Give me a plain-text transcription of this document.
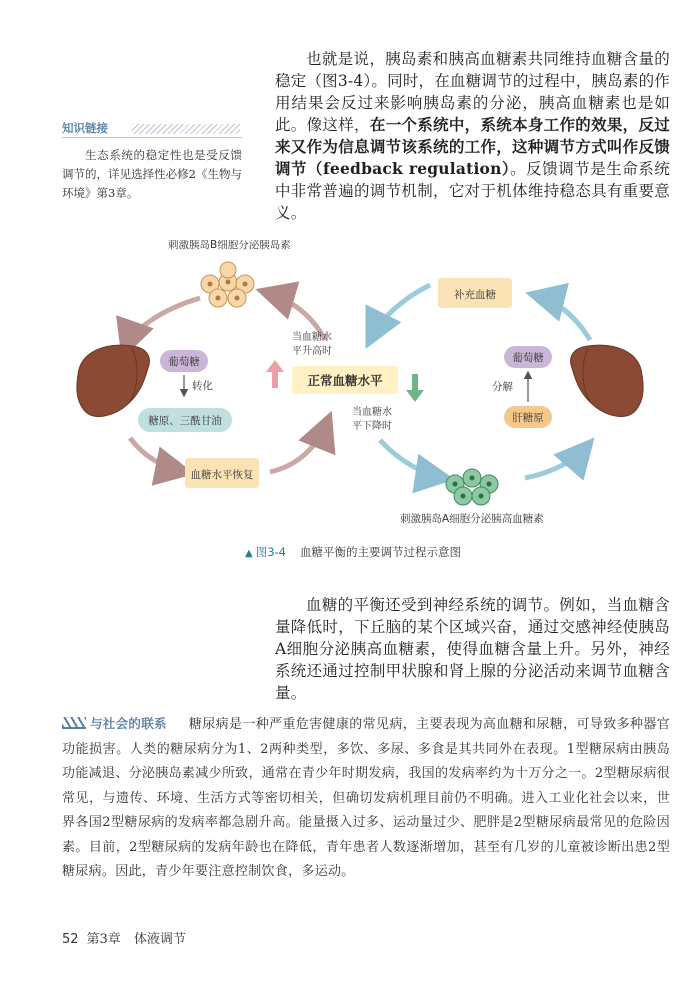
也就是说，胰岛素和胰高血糖素共同维持血糖含量的稳定（图3-4）。同时，在血糖调节的过程中，胰岛素的作用结果会反过来影响胰岛素的分泌，胰高血糖素也是如此。像这样，在一个系统中，系统本身工作的效果，反过来又作为信息调节该系统的工作，这种调节方式叫作反馈调节（feedback regulation）。反馈调节是生命系统中非常普遍的调节机制，它对于机体维持稳态具有重要意义。

知识链接
生态系统的稳定性也是受反馈调节的，详见选择性必修2《生物与环境》第3章。
刺激胰岛B细胞分泌胰岛素
葡萄糖
转化
糖原、三酰甘油
血糖水平恢复
当血糖水
平升高时
正常血糖水平
当血糖水
平下降时
补充血糖
葡萄糖
分解
肝糖原
刺激胰岛A细胞分泌胰高血糖素
▲ 图3-4 血糖平衡的主要调节过程示意图

血糖的平衡还受到神经系统的调节。例如，当血糖含量降低时，下丘脑的某个区域兴奋，通过交感神经使胰岛A细胞分泌胰高血糖素，使得血糖含量上升。另外，神经系统还通过控制甲状腺和肾上腺的分泌活动来调节血糖含量。

与社会的联系 糖尿病是一种严重危害健康的常见病，主要表现为高血糖和尿糖，可导致多种器官功能损害。人类的糖尿病分为1、2两种类型，多饮、多尿、多食是其共同外在表现。1型糖尿病由胰岛功能减退、分泌胰岛素减少所致，通常在青少年时期发病，我国的发病率约为十万分之一。2型糖尿病很常见，与遗传、环境、生活方式等密切相关，但确切发病机理目前仍不明确。进入工业化社会以来，世界各国2型糖尿病的发病率都急剧升高。能量摄入过多、运动量过少、肥胖是2型糖尿病最常见的危险因素。目前，2型糖尿病的发病年龄也在降低，青年患者人数逐渐增加，甚至有几岁的儿童被诊断出患2型糖尿病。因此，青少年要注意控制饮食，多运动。
52 第3章　体液调节
